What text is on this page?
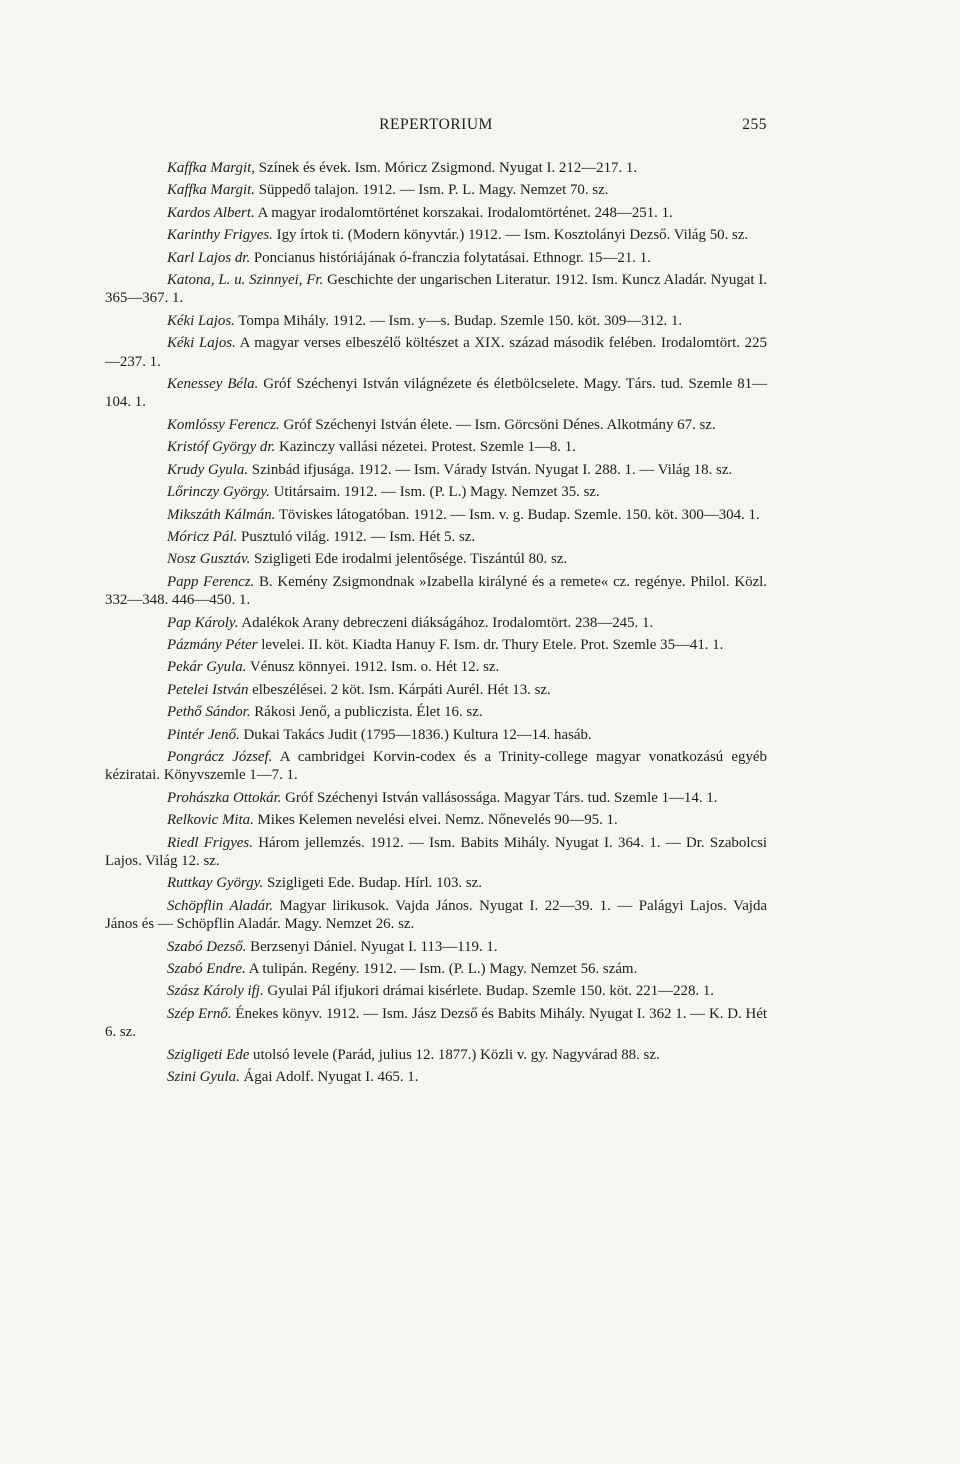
REPERTORIUM	255

Kaffka Margit, Színek és évek. Ism. Móricz Zsigmond. Nyugat I. 212—217. 1.

Kaffka Margit. Süppedő talajon. 1912. — Ism. P. L. Magy. Nemzet 70. sz.

Kardos Albert. A magyar irodalomtörténet korszakai. Irodalomtörténet. 248—251. 1.

Karinthy Frigyes. Igy írtok ti. (Modern könyvtár.) 1912. — Ism. Kosztolányi Dezső. Világ 50. sz.

Karl Lajos dr. Poncianus históriájának ó-franczia folytatásai. Ethnogr. 15—21. 1.

Katona, L. u. Szinnyei, Fr. Geschichte der ungarischen Literatur. 1912. Ism. Kuncz Aladár. Nyugat I. 365—367. 1.

Kéki Lajos. Tompa Mihály. 1912. — Ism. y—s. Budap. Szemle 150. köt. 309—312. 1.

Kéki Lajos. A magyar verses elbeszélő költészet a XIX. század második felében. Irodalomtört. 225—237. 1.

Kenessey Béla. Gróf Széchenyi István világnézete és életbölcselete. Magy. Társ. tud. Szemle 81—104. 1.

Komlóssy Ferencz. Gróf Széchenyi István élete. — Ism. Görcsöni Dénes. Alkotmány 67. sz.

Kristóf György dr. Kazinczy vallási nézetei. Protest. Szemle 1—8. 1.

Krudy Gyula. Szinbád ifjusága. 1912. — Ism. Várady István. Nyugat I. 288. 1. — Világ 18. sz.

Lőrinczy György. Utitársaim. 1912. — Ism. (P. L.) Magy. Nemzet 35. sz.

Mikszáth Kálmán. Töviskes látogatóban. 1912. — Ism. v. g. Budap. Szemle. 150. köt. 300—304. 1.

Móricz Pál. Pusztuló világ. 1912. — Ism. Hét 5. sz.

Nosz Gusztáv. Szigligeti Ede irodalmi jelentősége. Tiszántúl 80. sz.

Papp Ferencz. B. Kemény Zsigmondnak »Izabella királyné és a remete« cz. regénye. Philol. Közl. 332—348. 446—450. 1.

Pap Károly. Adalékok Arany debreczeni diákságához. Irodalomtört. 238—245. 1.

Pázmány Péter levelei. II. köt. Kiadta Hanuy F. Ism. dr. Thury Etele. Prot. Szemle 35—41. 1.

Pekár Gyula. Vénusz könnyei. 1912. Ism. o. Hét 12. sz.

Petelei István elbeszélései. 2 köt. Ism. Kárpáti Aurél. Hét 13. sz.

Pethő Sándor. Rákosi Jenő, a publiczista. Élet 16. sz.

Pintér Jenő. Dukai Takács Judit (1795—1836.) Kultura 12—14. hasáb.

Pongrácz József. A cambridgei Korvin-codex és a Trinity-college magyar vonatkozású egyéb kéziratai. Könyvszemle 1—7. 1.

Prohászka Ottokár. Gróf Széchenyi István vallásossága. Magyar Társ. tud. Szemle 1—14. 1.

Relkovic Mita. Mikes Kelemen nevelési elvei. Nemz. Nőnevelés 90—95. 1.

Riedl Frigyes. Három jellemzés. 1912. — Ism. Babits Mihály. Nyugat I. 364. 1. — Dr. Szabolcsi Lajos. Világ 12. sz.

Ruttkay György. Szigligeti Ede. Budap. Hírl. 103. sz.

Schöpflin Aladár. Magyar lirikusok. Vajda János. Nyugat I. 22—39. 1. — Palágyi Lajos. Vajda János és — Schöpflin Aladár. Magy. Nemzet 26. sz.

Szabó Dezső. Berzsenyi Dániel. Nyugat I. 113—119. 1.

Szabó Endre. A tulipán. Regény. 1912. — Ism. (P. L.) Magy. Nemzet 56. szám.

Szász Károly ifj. Gyulai Pál ifjukori drámai kisérlete. Budap. Szemle 150. köt. 221—228. 1.

Szép Ernő. Énekes könyv. 1912. — Ism. Jász Dezső és Babits Mihály. Nyugat I. 362 1. — K. D. Hét 6. sz.

Szigligeti Ede utolsó levele (Parád, julius 12. 1877.) Közli v. gy. Nagyvárad 88. sz.

Szini Gyula. Ágai Adolf. Nyugat I. 465. 1.
